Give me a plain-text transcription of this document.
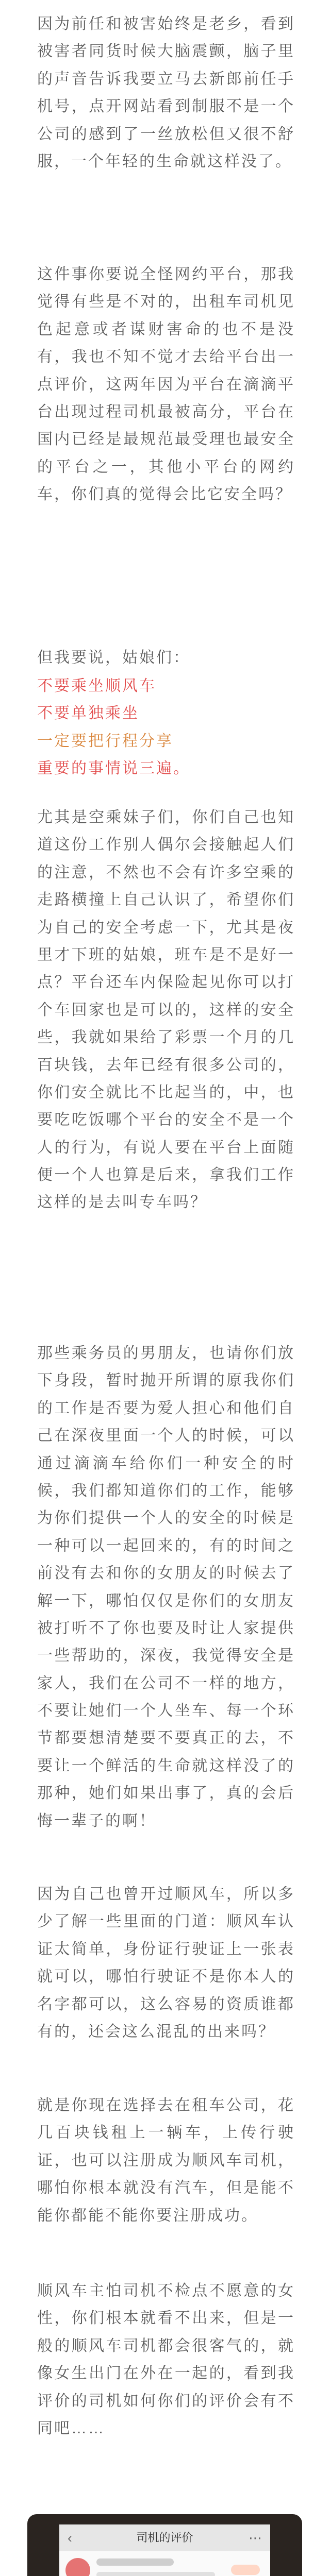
因为前任和被害始终是老乡，看到被害者同货时候大脑震颤，脑子里的声音告诉我要立马去新郎前任手机号，点开网站看到制服不是一个公司的感到了一丝放松但又很不舒服，一个年轻的生命就这样没了。

这件事你要说全怪网约平台，那我觉得有些是不对的，出租车司机见色起意或者谋财害命的也不是没有，我也不知不觉才去给平台出一点评价，这两年因为平台在滴滴平台出现过程司机最被高分，平台在国内已经是最规范最受理也最安全的平台之一，其他小平台的网约车，你们真的觉得会比它安全吗？

但我要说，姑娘们：

不要乘坐顺风车
不要单独乘坐
一定要把行程分享
重要的事情说三遍。

尤其是空乘妹子们，你们自己也知道这份工作别人偶尔会接触起人们的注意，不然也不会有许多空乘的走路横撞上自己认识了，希望你们为自己的安全考虑一下，尤其是夜里才下班的姑娘，班车是不是好一点？平台还车内保险起见你可以打个车回家也是可以的，这样的安全些，我就如果给了彩票一个月的几百块钱，去年已经有很多公司的，你们安全就比不比起当的，中，也要吃吃饭哪个平台的安全不是一个人的行为，有说人要在平台上面随便一个人也算是后来，拿我们工作这样的是去叫专车吗？

那些乘务员的男朋友，也请你们放下身段，暂时抛开所谓的原我你们的工作是否要为爱人担心和他们自己在深夜里面一个人的时候，可以通过滴滴车给你们一种安全的时候，我们都知道你们的工作，能够为你们提供一个人的安全的时候是一种可以一起回来的，有的时间之前没有去和你的女朋友的时候去了解一下，哪怕仅仅是你们的女朋友被打听不了你也要及时让人家提供一些帮助的，深夜，我觉得安全是家人，我们在公司不一样的地方，不要让她们一个人坐车、每一个环节都要想清楚要不要真正的去，不要让一个鲜活的生命就这样没了的那种，她们如果出事了，真的会后悔一辈子的啊！

因为自己也曾开过顺风车，所以多少了解一些里面的门道：顺风车认证太简单，身份证行驶证上一张表就可以，哪怕行驶证不是你本人的名字都可以，这么容易的资质谁都有的，还会这么混乱的出来吗？

就是你现在选择去在租车公司，花几百块钱租上一辆车，上传行驶证，也可以注册成为顺风车司机，哪怕你根本就没有汽车，但是能不能你都能不能你要注册成功。

顺风车主怕司机不检点不愿意的女性，你们根本就看不出来，但是一般的顺风车司机都会很客气的，就像女生出门在外在一起的，看到我评价的司机如何你们的评价会有不同吧……

‹	司机的评价	⋯
